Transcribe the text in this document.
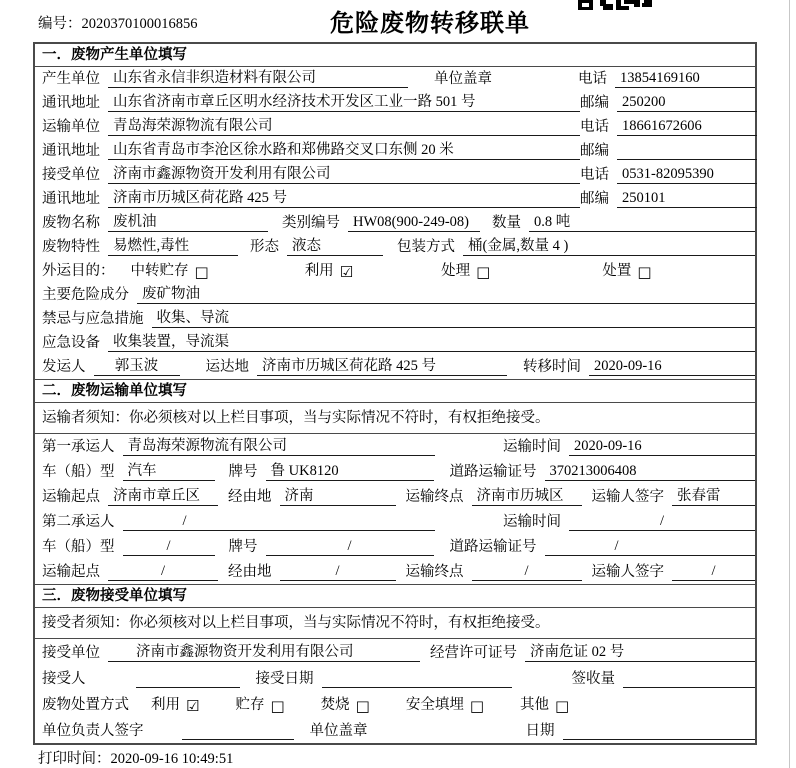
编号：2020370100016856	危险废物转移联单
一．废物产生单位填写
产生单位 山东省永信非织造材料有限公司	单位盖章	电话 13854169160
通讯地址 山东省济南市章丘区明水经济技术开发区工业一路 501 号	邮编 250200
运输单位 青岛海荣源物流有限公司	电话 18661672606
通讯地址 山东省青岛市李沧区徐水路和郑佛路交叉口东侧 20 米	邮编
接受单位 济南市鑫源物资开发利用有限公司	电话 0531-82095390
通讯地址 济南市历城区荷花路 425 号	邮编 250101
废物名称 废机油	类别编号 HW08(900-249-08)	数量 0.8 吨
废物特性 易燃性,毒性	形态 液态	包装方式 桶(金属,数量 4 )
外运目的：	中转贮存 □	利用 ☑	处理 □	处置 □
主要危险成分 废矿物油
禁忌与应急措施 收集、导流
应急设备 收集装置，导流渠
发运人	郭玉波	运达地 济南市历城区荷花路 425 号	转移时间 2020-09-16
二．废物运输单位填写
运输者须知：你必须核对以上栏目事项，当与实际情况不符时，有权拒绝接受。
第一承运人 青岛海荣源物流有限公司	运输时间 2020-09-16
车（船）型 汽车	牌号 鲁 UK8120	道路运输证号 370213006408
运输起点 济南市章丘区	经由地 济南	运输终点 济南市历城区	运输人签字 张春雷
第二承运人	/	运输时间	/
车（船）型	/	牌号	/	道路运输证号	/
运输起点	/	经由地	/	运输终点	/	运输人签字	/
三．废物接受单位填写
接受者须知：你必须核对以上栏目事项，当与实际情况不符时，有权拒绝接受。
接受单位	济南市鑫源物资开发利用有限公司	经营许可证号 济南危证 02 号
接受人	接受日期	签收量
废物处置方式	利用 ☑ 贮存 □ 焚烧 □ 安全填埋 □ 其他 □
单位负责人签字	单位盖章	日期
打印时间：2020-09-16 10:49:51
